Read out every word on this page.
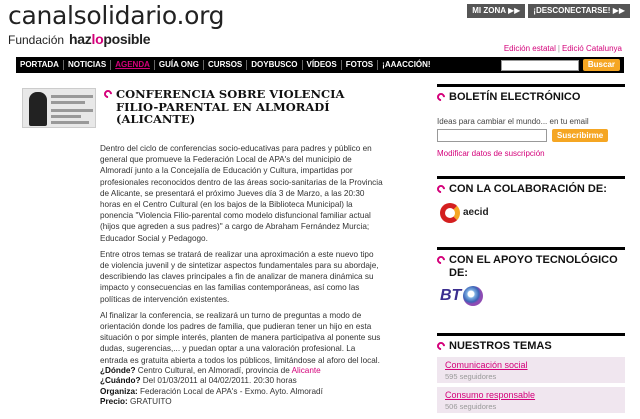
canalsolidario.org
Fundación hazloposible
MI ZONA ▶▶	¡DESCONECTARSE! ▶▶
Edición estatal | Edició Catalunya
PORTADA	NOTICIAS	AGENDA	GUÍA ONG	CURSOS	DOYBUSCO	VÍDEOS	FOTOS	¡AAACCIÓN!	Buscar
CONFERENCIA SOBRE VIOLENCIA FILIO-PARENTAL EN ALMORADÍ (ALICANTE)

Dentro del ciclo de conferencias socio-educativas para padres y público en general que promueve la Federación Local de APA's del municipio de Almoradí junto a la Concejalía de Educación y Cultura, impartidas por profesionales reconocidos dentro de las áreas socio-sanitarias de la Provincia de Alicante, se presentará el próximo Jueves día 3 de Marzo, a las 20:30 horas en el Centro Cultural (en los bajos de la Biblioteca Municipal) la ponencia "Violencia Filio-parental como modelo disfuncional familiar actual (hijos que agreden a sus padres)" a cargo de Abraham Fernández Murcia; Educador Social y Pedagogo.

Entre otros temas se tratará de realizar una aproximación a este nuevo tipo de violencia juvenil y de sintetizar aspectos fundamentales para su abordaje, describiendo las claves principales a fin de analizar de manera dinámica su impacto y consecuencias en las familias contemporáneas, así como las políticas de intervención existentes.

Al finalizar la conferencia, se realizará un turno de preguntas a modo de orientación donde los padres de familia, que pudieran tener un hijo en esta situación o por simple interés, planten de manera participativa al ponente sus dudas, sugerencias,... y puedan optar a una valoración profesional. La entrada es gratuita abierta a todos los públicos, limitándose al aforo del local.

¿Dónde? Centro Cultural, en Almoradí, provincia de Alicante
¿Cuándo? Del 01/03/2011 al 04/02/2011. 20:30 horas
Organiza: Federación Local de APA's - Exmo. Ayto. Almoradí
Precio: GRATUITO
BOLETÍN ELECTRÓNICO
Ideas para cambiar el mundo... en tu email
Suscribirme
Modificar datos de suscripción
CON LA COLABORACIÓN DE:
aecid
CON EL APOYO TECNOLÓGICO DE:
BT
NUESTROS TEMAS
Comunicación social
595 seguidores
Consumo responsable
506 seguidores
